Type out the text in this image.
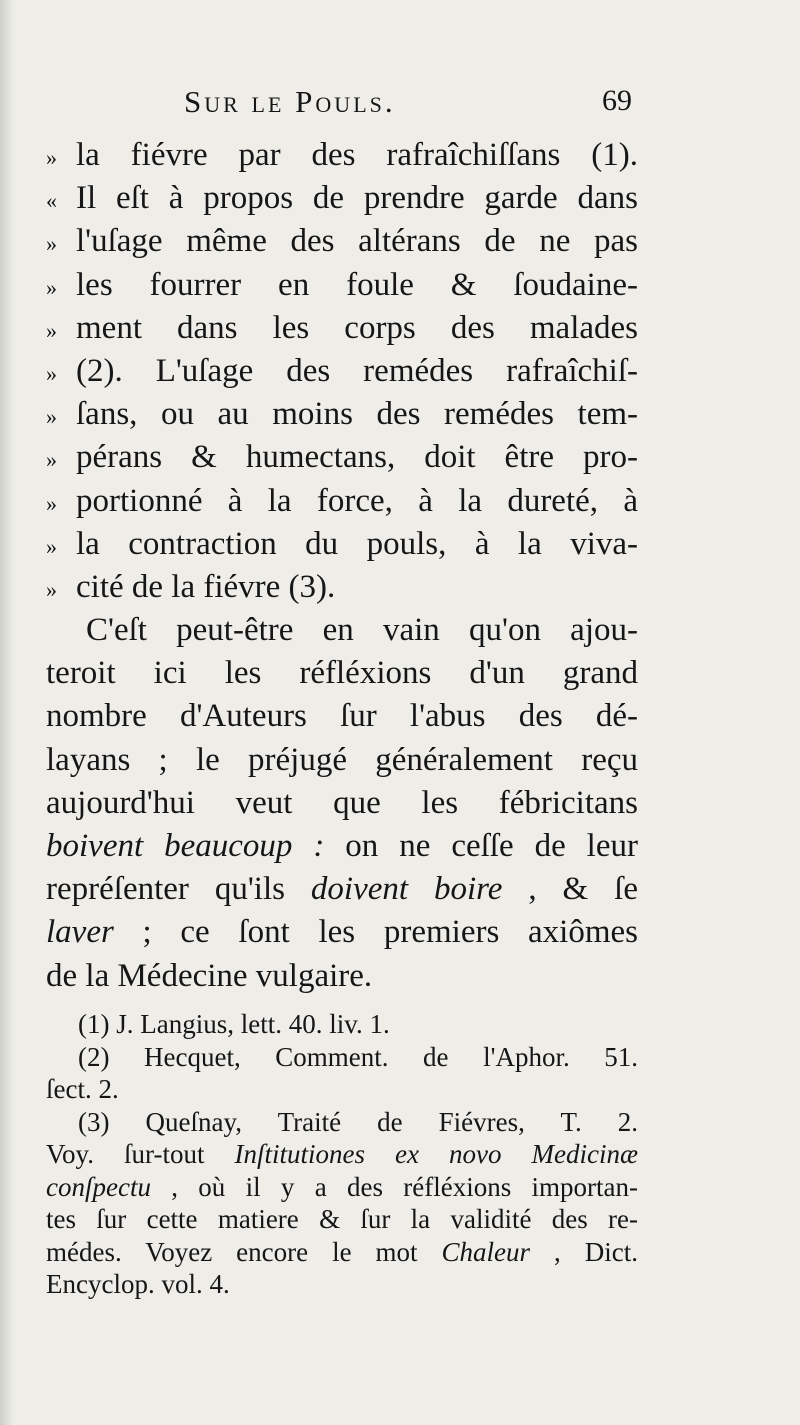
Sur le Pouls.	69
» la fiévre par des rafraîchiſſans (1).
« Il eſt à propos de prendre garde dans
» l'uſage même des altérans de ne pas
» les fourrer en foule & ſoudaine-
» ment dans les corps des malades
» (2). L'uſage des remédes rafraîchiſ-
» ſans, ou au moins des remédes tem-
» pérans & humectans, doit être pro-
» portionné à la force, à la dureté, à
» la contraction du pouls, à la viva-
» cité de la fiévre (3).
C'eſt peut-être en vain qu'on ajou-
teroit ici les réfléxions d'un grand
nombre d'Auteurs ſur l'abus des dé-
layans ; le préjugé généralement reçu
aujourd'hui veut que les fébricitans
boivent beaucoup : on ne ceſſe de leur
repréſenter qu'ils doivent boire , & ſe
laver ; ce ſont les premiers axiômes
de la Médecine vulgaire.
(1) J. Langius, lett. 40. liv. 1.
(2) Hecquet, Comment. de l'Aphor. 51.
ſect. 2.
(3) Queſnay, Traité de Fiévres, T. 2.
Voy. ſur-tout Inſtitutiones ex novo Medicinæ
conſpectu , où il y a des réfléxions importan-
tes ſur cette matiere & ſur la validité des re-
médes. Voyez encore le mot Chaleur , Dict.
Encyclop. vol. 4.
